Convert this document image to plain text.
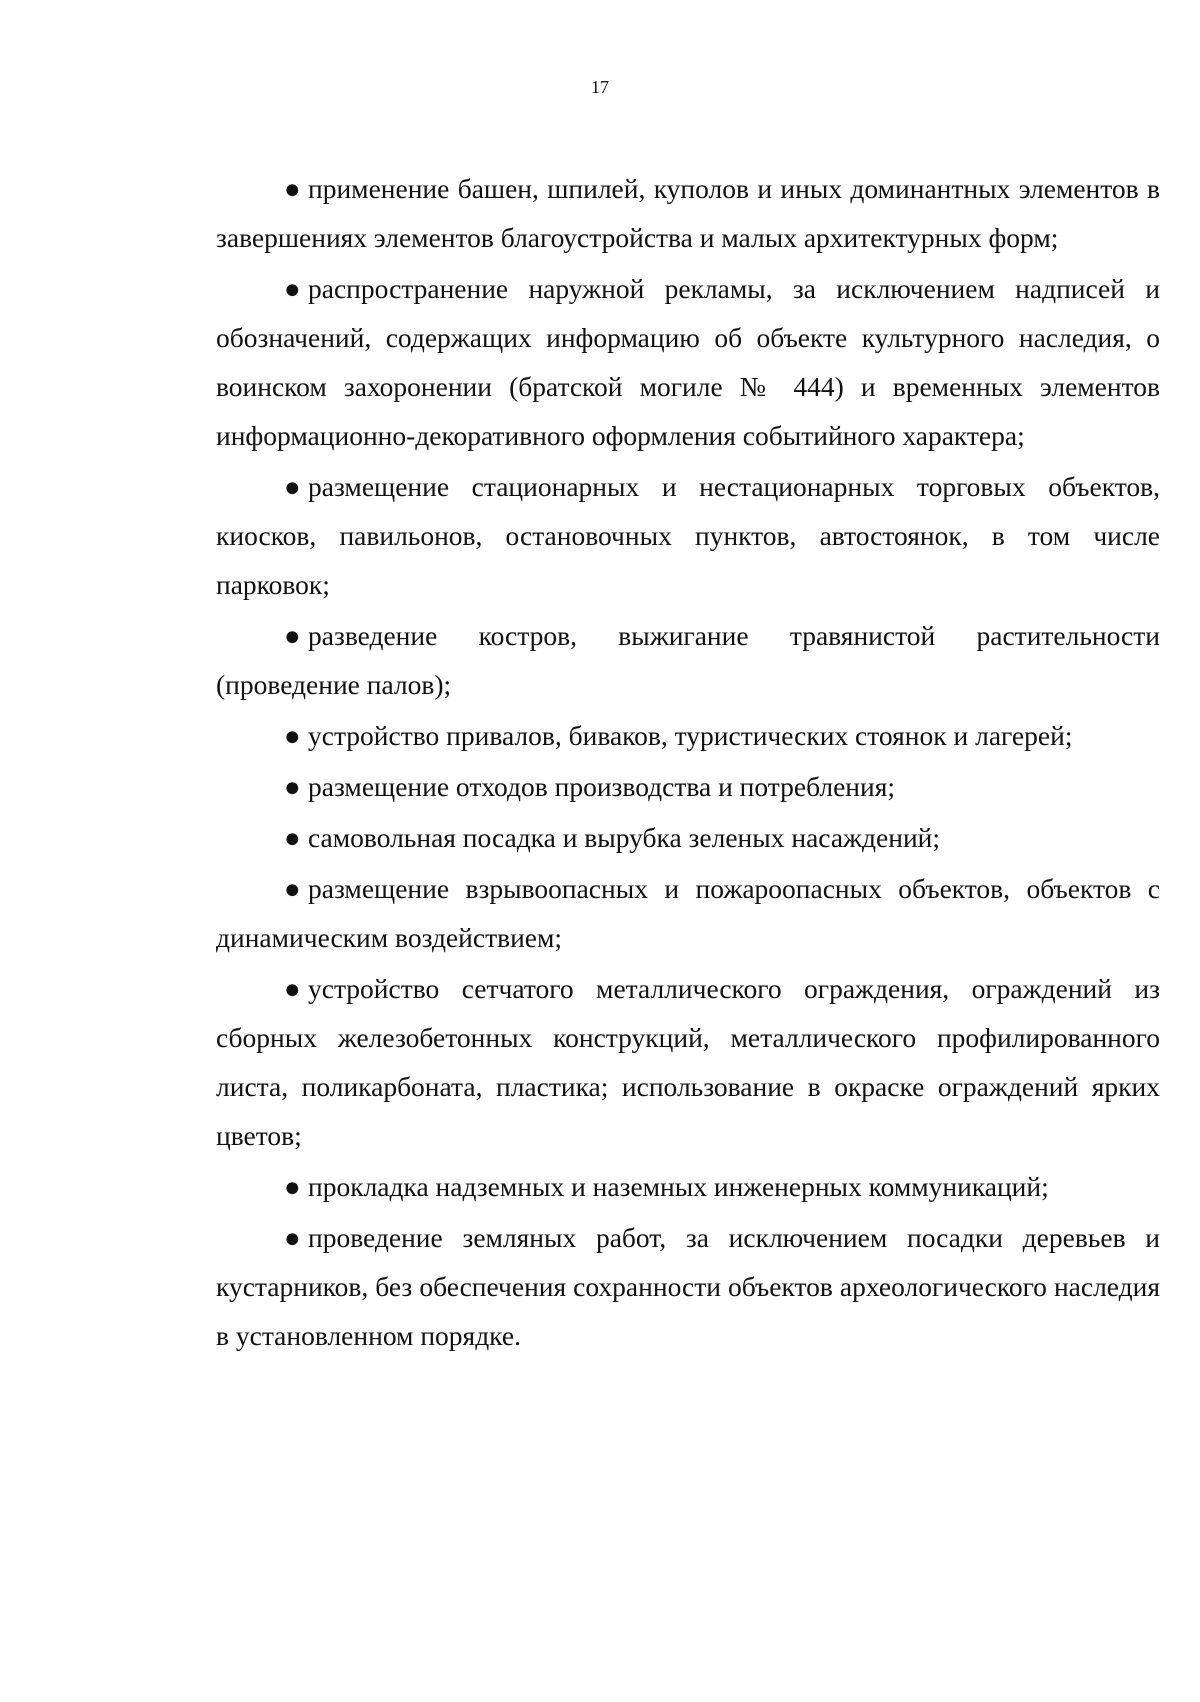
17

● применение башен, шпилей, куполов и иных доминантных элементов в завершениях элементов благоустройства и малых архитектурных форм;

● распространение наружной рекламы, за исключением надписей и обозначений, содержащих информацию об объекте культурного наследия, о воинском захоронении (братской могиле № 444) и временных элементов информационно-декоративного оформления событийного характера;

● размещение стационарных и нестационарных торговых объектов, киосков, павильонов, остановочных пунктов, автостоянок, в том числе парковок;

● разведение костров, выжигание травянистой растительности (проведение палов);

● устройство привалов, биваков, туристических стоянок и лагерей;

● размещение отходов производства и потребления;

● самовольная посадка и вырубка зеленых насаждений;

● размещение взрывоопасных и пожароопасных объектов, объектов с динамическим воздействием;

● устройство сетчатого металлического ограждения, ограждений из сборных железобетонных конструкций, металлического профилированного листа, поликарбоната, пластика; использование в окраске ограждений ярких цветов;

● прокладка надземных и наземных инженерных коммуникаций;

● проведение земляных работ, за исключением посадки деревьев и кустарников, без обеспечения сохранности объектов археологического наследия в установленном порядке.
